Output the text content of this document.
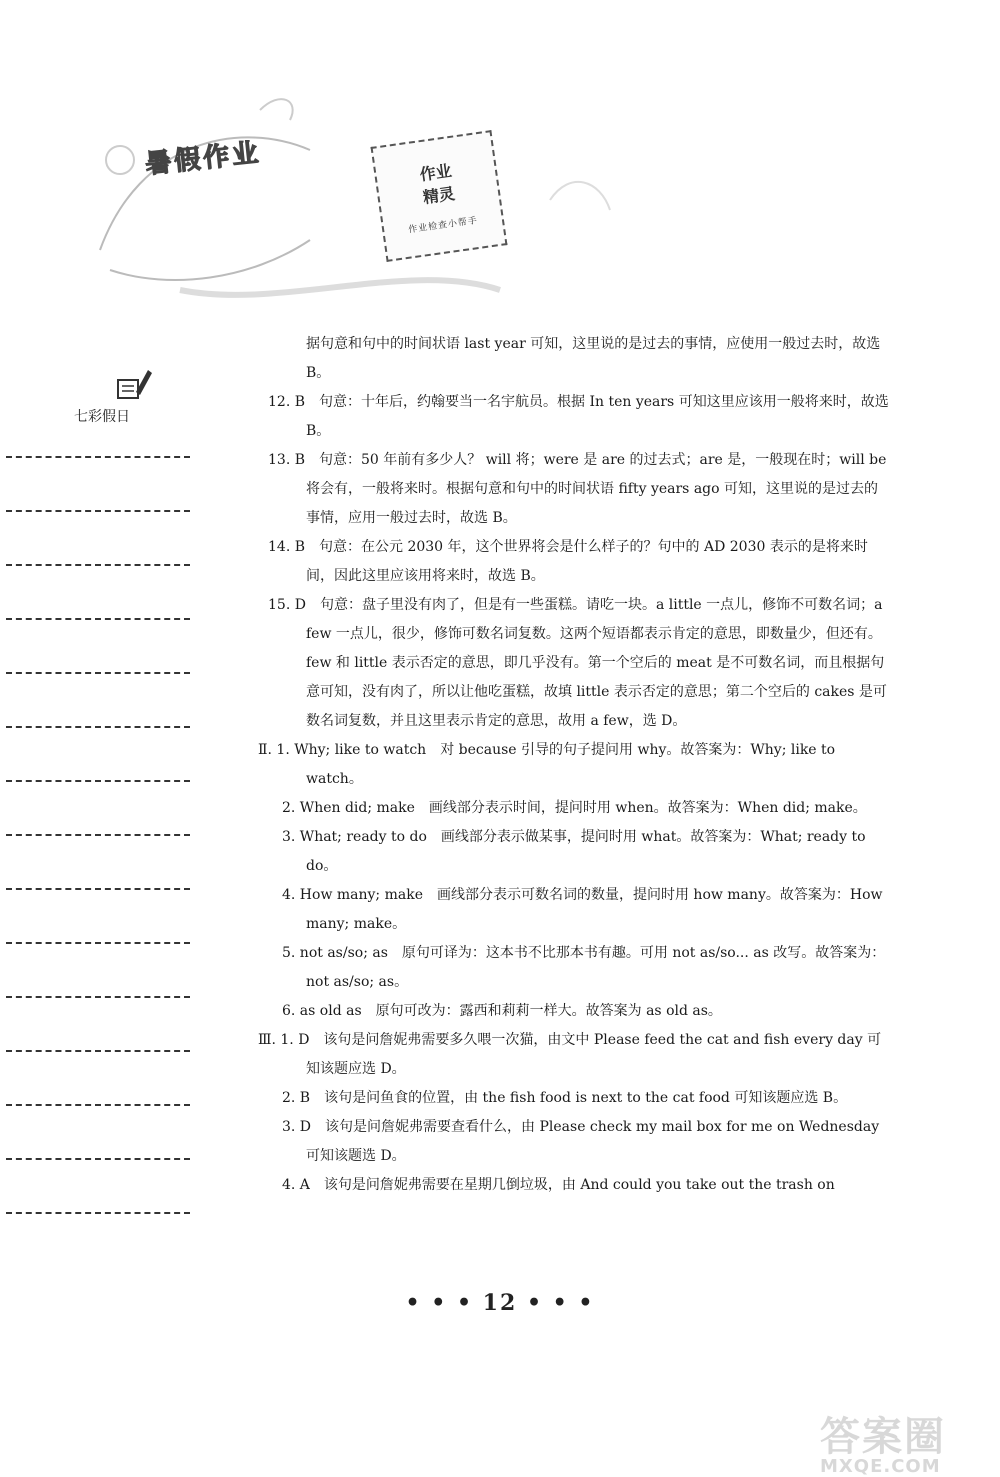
暑假作业	作业
精灵
作业检查小帮手
七彩假日
据句意和句中的时间状语 last year 可知，这里说的是过去的事情，应使用一般过去时，故选 B。
12. B　句意：十年后，约翰要当一名宇航员。根据 In ten years 可知这里应该用一般将来时，故选 B。
13. B　句意：50 年前有多少人？ will 将；were 是 are 的过去式；are 是，一般现在时；will be 将会有，一般将来时。根据句意和句中的时间状语 fifty years ago 可知，这里说的是过去的事情，应用一般过去时，故选 B。
14. B　句意：在公元 2030 年，这个世界将会是什么样子的？句中的 AD 2030 表示的是将来时间，因此这里应该用将来时，故选 B。
15. D　句意：盘子里没有肉了，但是有一些蛋糕。请吃一块。a little 一点儿，修饰不可数名词；a few 一点儿，很少，修饰可数名词复数。这两个短语都表示肯定的意思，即数量少，但还有。few 和 little 表示否定的意思，即几乎没有。第一个空后的 meat 是不可数名词，而且根据句意可知，没有肉了，所以让他吃蛋糕，故填 little 表示否定的意思；第二个空后的 cakes 是可数名词复数，并且这里表示肯定的意思，故用 a few，选 D。
Ⅱ. 1. Why; like to watch　对 because 引导的句子提问用 why。故答案为：Why; like to watch。
2. When did; make　画线部分表示时间，提问时用 when。故答案为：When did; make。
3. What; ready to do　画线部分表示做某事，提问时用 what。故答案为：What; ready to do。
4. How many; make　画线部分表示可数名词的数量，提问时用 how many。故答案为：How many; make。
5. not as/so; as　原句可译为：这本书不比那本书有趣。可用 not as/so... as 改写。故答案为：not as/so; as。
6. as old as　原句可改为：露西和莉莉一样大。故答案为 as old as。
Ⅲ. 1. D　该句是问詹妮弗需要多久喂一次猫，由文中 Please feed the cat and fish every day 可知该题应选 D。
2. B　该句是问鱼食的位置，由 the fish food is next to the cat food 可知该题应选 B。
3. D　该句是问詹妮弗需要查看什么，由 Please check my mail box for me on Wednesday 可知该题选 D。
4. A　该句是问詹妮弗需要在星期几倒垃圾，由 And could you take out the trash on
• • • 12 • • •
答案圈
MXQE.COM
